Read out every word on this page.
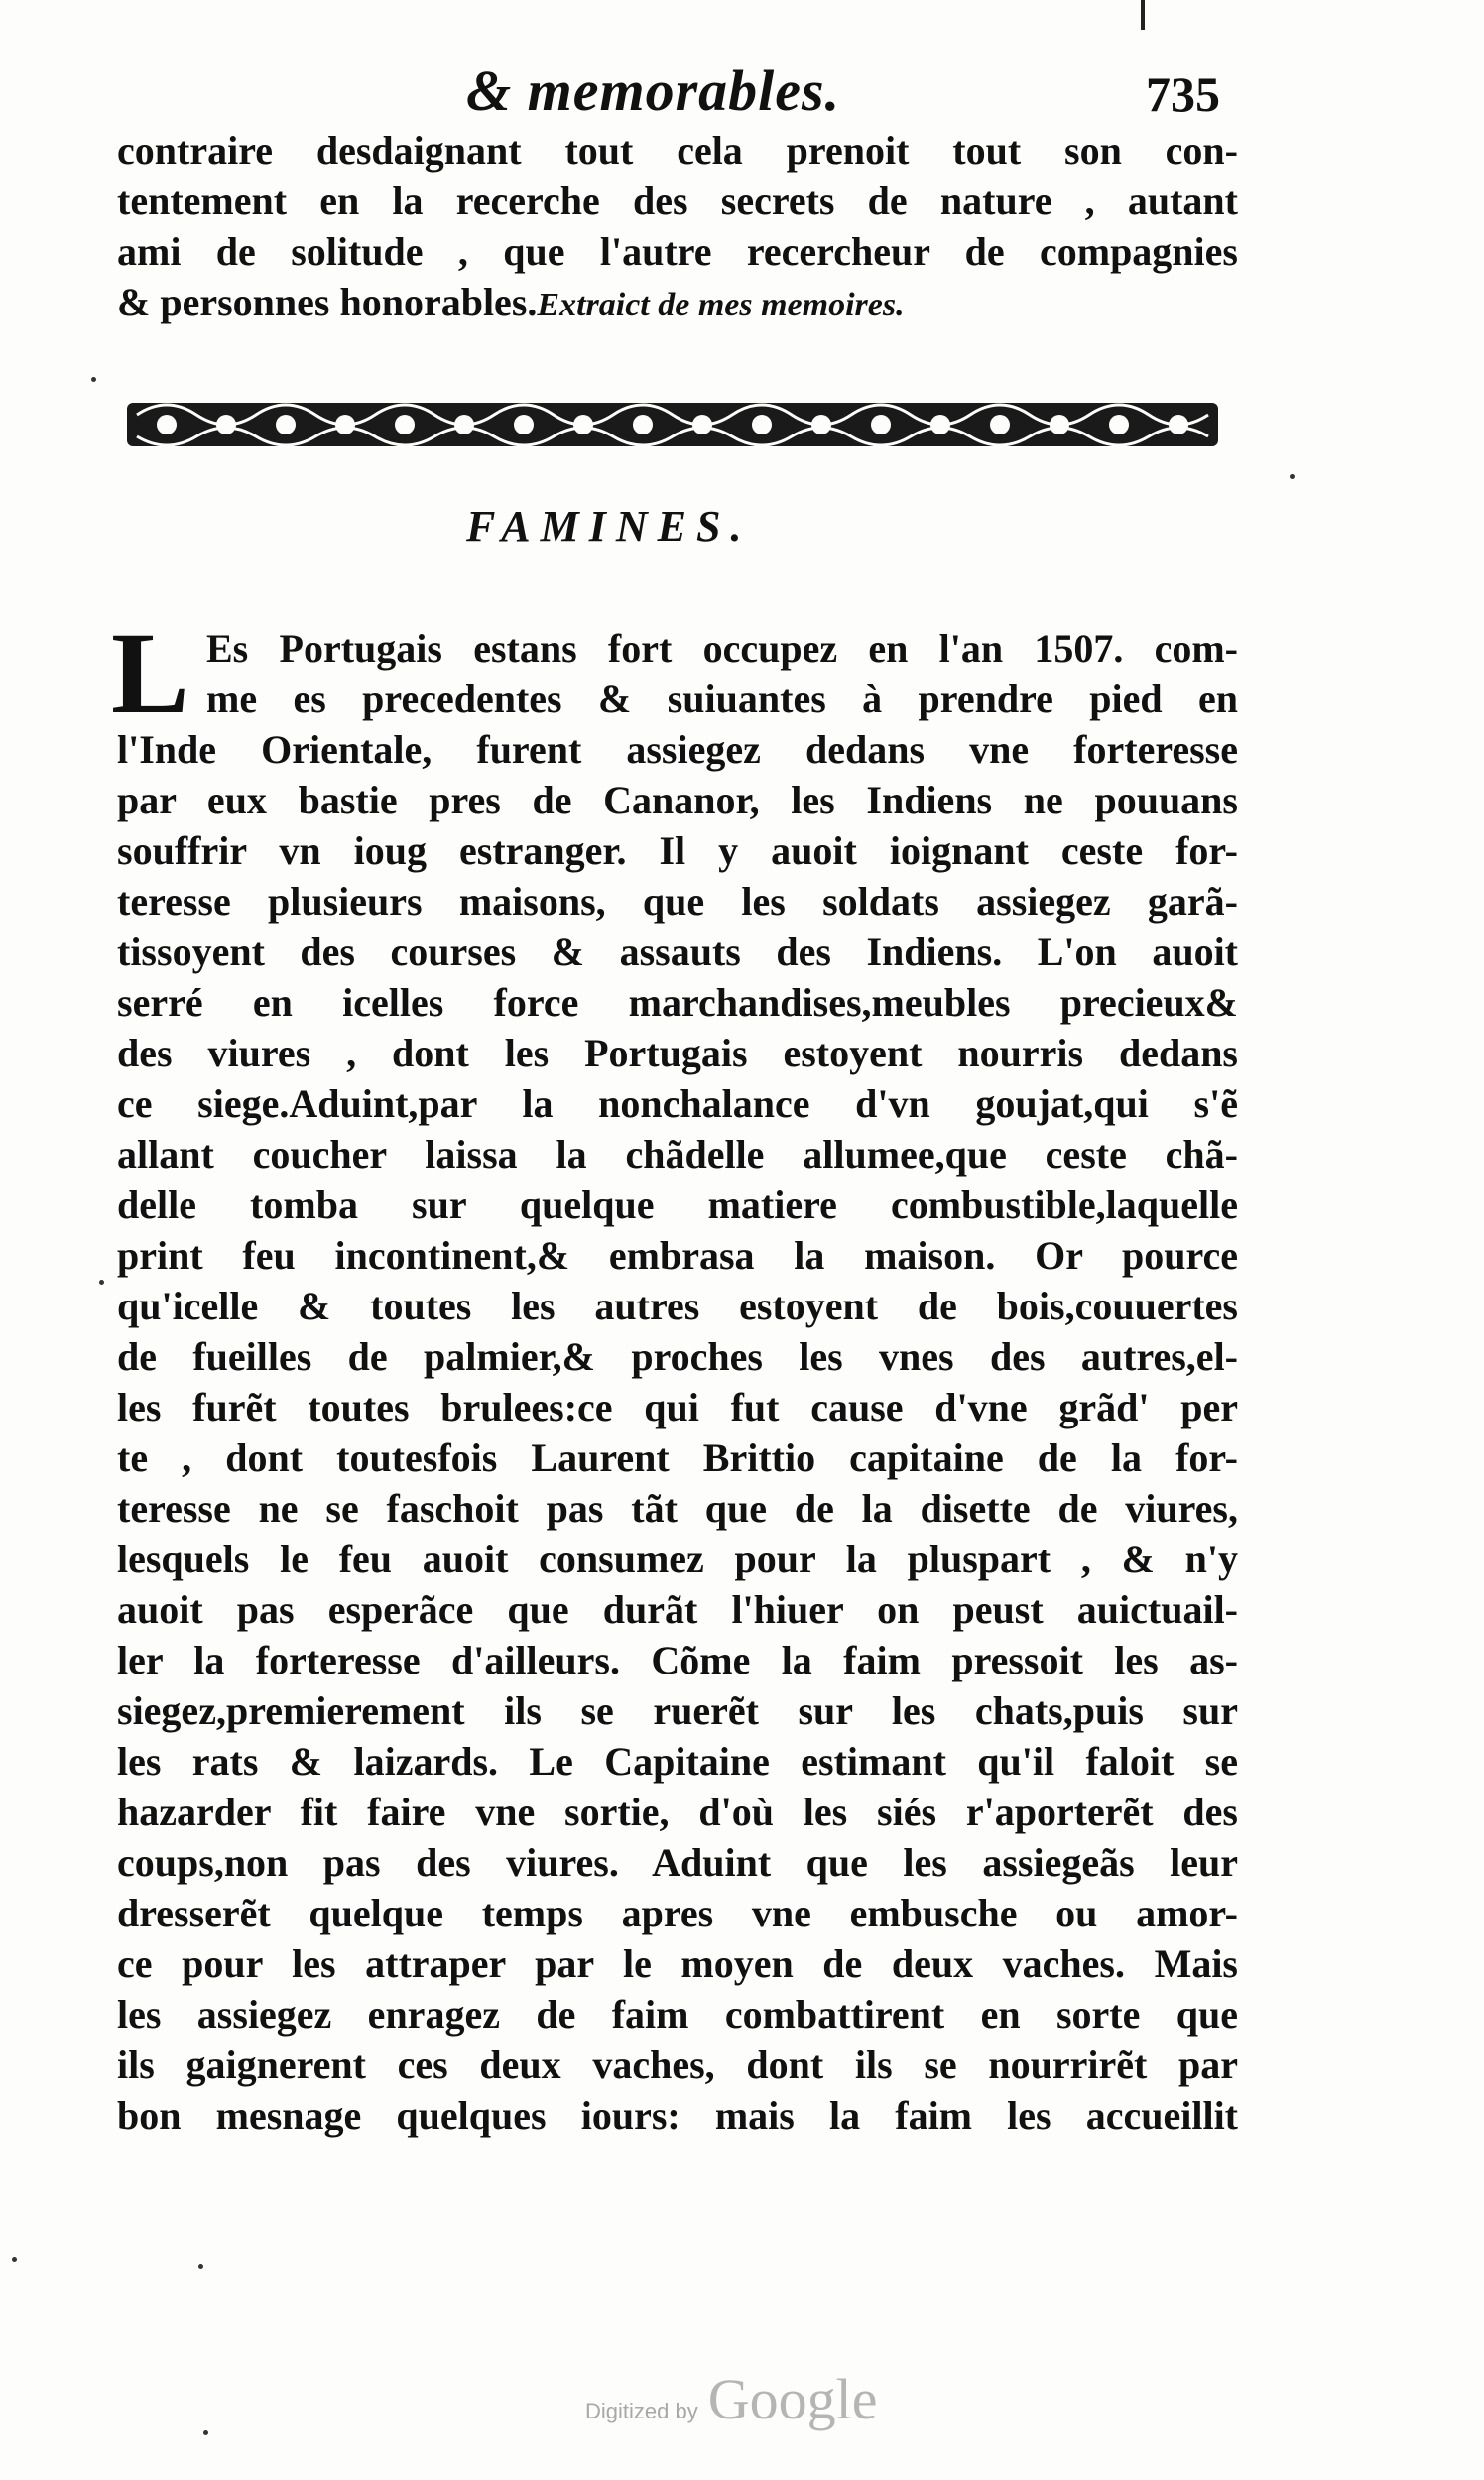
& memorables.	735
contraire desdaignant tout cela prenoit tout son con-
tentement en la recerche des secrets de nature , autant
ami de solitude , que l'autre recercheur de compagnies
& personnes honorables.Extraict de mes memoires.
FAMINES.
L Es Portugais estans fort occupez en l'an 1507. com-
me es precedentes & suiuantes à prendre pied en
l'Inde Orientale, furent assiegez dedans vne forteresse
par eux bastie pres de Cananor, les Indiens ne pouuans
souffrir vn ioug estranger. Il y auoit ioignant ceste for-
teresse plusieurs maisons, que les soldats assiegez garã-
tissoyent des courses & assauts des Indiens. L'on auoit
serré en icelles force marchandises,meubles precieux&
des viures , dont les Portugais estoyent nourris dedans
ce siege.Aduint,par la nonchalance d'vn goujat,qui s'ẽ
allant coucher laissa la chãdelle allumee,que ceste chã-
delle tomba sur quelque matiere combustible,laquelle
print feu incontinent,& embrasa la maison. Or pource
qu'icelle & toutes les autres estoyent de bois,couuertes
de fueilles de palmier,& proches les vnes des autres,el-
les furẽt toutes brulees:ce qui fut cause d'vne grãd' per
te , dont toutesfois Laurent Brittio capitaine de la for-
teresse ne se faschoit pas tãt que de la disette de viures,
lesquels le feu auoit consumez pour la pluspart , & n'y
auoit pas esperãce que durãt l'hiuer on peust auictuail-
ler la forteresse d'ailleurs. Cõme la faim pressoit les as-
siegez,premierement ils se ruerẽt sur les chats,puis sur
les rats & laizards. Le Capitaine estimant qu'il faloit se
hazarder fit faire vne sortie, d'où les siés r'aporterẽt des
coups,non pas des viures. Aduint que les assiegeãs leur
dresserẽt quelque temps apres vne embusche ou amor-
ce pour les attraper par le moyen de deux vaches. Mais
les assiegez enragez de faim combattirent en sorte que
ils gaignerent ces deux vaches, dont ils se nourrirẽt par
bon mesnage quelques iours: mais la faim les accueillit
Digitized by Google
